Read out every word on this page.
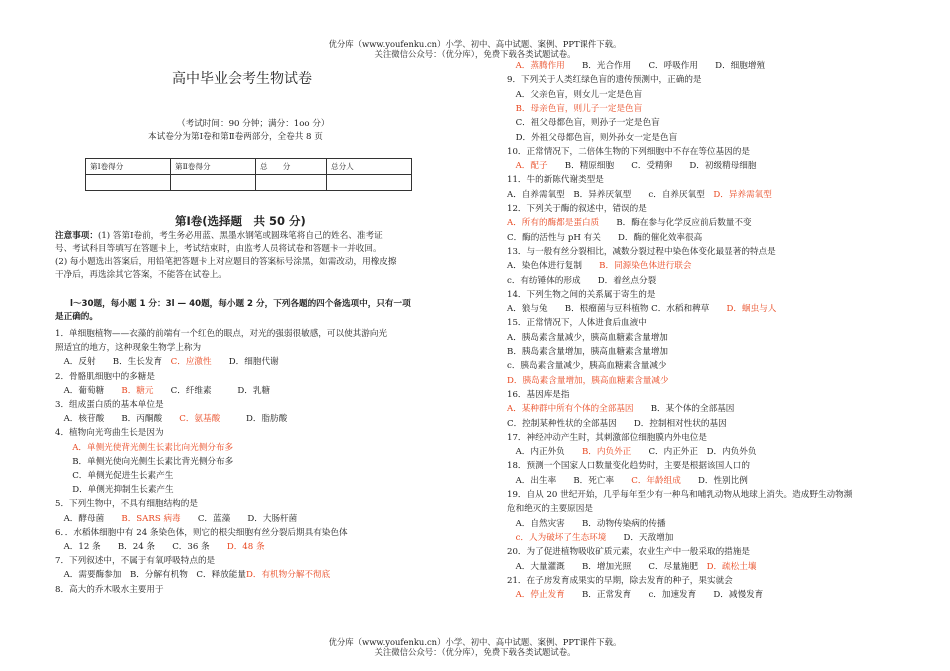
优分库（www.youfenku.cn）小学、初中、高中试题、案例、PPT课件下载。
关注微信公众号：（优分库），免费下载各类试题试卷。
高中毕业会考生物试卷
（考试时间：90 分钟；满分：1oo 分）
本试卷分为第Ⅰ卷和第Ⅱ卷两部分，全卷共 8 页
第Ⅰ卷得分	第Ⅱ卷得分	总　　分	总分人

第Ⅰ卷(选择题　共 50 分)
注意事项：(1) 答第Ⅰ卷前，考生务必用蓝、黑墨水钢笔或圆珠笔将自己的姓名、准考证
号、考试科目等填写在答题卡上，考试结束时，由监考人员将试卷和答题卡一并收回。
(2) 每小题选出答案后，用铅笔把答题卡上对应题目的答案标号涂黑，如需改动，用橡皮擦
干净后，再选涂其它答案，不能答在试卷上。
l～30题，每小题 1 分：3l — 40题，每小题 2 分，下列各题的四个备选项中，只有一项
是正确的。
1．单细胞植物——衣藻的前端有一个红色的眼点，对光的强弱很敏感，可以使其游向光
照适宜的地方，这种现象生物学上称为
　A．反射　　B．生长发育　C．应激性　　D．细胞代谢
2．骨骼肌细胞中的多糖是
　A．葡萄糖　　B．糖元　　C．纤维素　　　D．乳糖
3．组成蛋白质的基本单位是
　A．核苷酸　　B．丙酮酸　　C．氨基酸　　　D．脂肪酸
4．植物向光弯曲生长是因为
　　A．单侧光使背光侧生长素比向光侧分布多
　　B．单侧光使向光侧生长素比背光侧分布多
　　C．单侧光促进生长素产生
　　D．单侧光抑制生长素产生
5．下列生物中，不具有细胞结构的是
　A．酵母菌　　B．SARS 病毒　　C．蓝藻　　D．大肠杆菌
6．．水稻体细胞中有 24 条染色体，则它的根尖细胞有丝分裂后期具有染色体
　A．12 条　　B．24 条　　C．36 条　　D．48 条
7．下列叙述中，不属于有氧呼吸特点的是
　A．需要酶参加　B．分解有机物　C．释放能量D．有机物分解不彻底
8．高大的乔木吸水主要用于
　A．蒸腾作用　　B．光合作用　　C．呼吸作用　　D．细胞增殖
9．下列关于人类红绿色盲的遗传预测中，正确的是
　A．父亲色盲，则女儿一定是色盲
　B．母亲色盲，则儿子一定是色盲
　C．祖父母都色盲，则孙子一定是色盲
　D．外祖父母都色盲，则外孙女一定是色盲
10．正常情况下，二倍体生物的下列细胞中不存在等位基因的是
　A．配子　　B．精原细胞　　C．受精卵　　D．初级精母细胞
11．牛的新陈代谢类型是
A．自养需氧型　B．异养厌氧型　　c．自养厌氧型　D．异养需氧型
12．下列关于酶的叙述中，错误的是
A．所有的酶都是蛋白质　　B．酶在参与化学反应前后数量不变
C．酶的活性与 pH 有关　　D．酶的催化效率很高
13．与一般有丝分裂相比，减数分裂过程中染色体变化最显著的特点是
A．染色体进行复制　　B．同源染色体进行联会
c．有纺锤体的形成　　D．着丝点分裂
14．下列生物之间的关系属于寄生的是
A．狼与兔　　B．根瘤菌与豆科植物 C．水稻和稗草　　D．蛔虫与人
15．正常情况下，人体进食后血液中
A．胰岛素含量减少，胰高血糖素含量增加
B．胰岛素含量增加，胰高血糖素含量增加
c．胰岛素含量减少，胰高血糖素含量减少
D．胰岛素含量增加，胰高血糖素含量减少
16．基因库是指
A．某种群中所有个体的全部基因　　B．某个体的全部基因
C．控制某种性状的全部基因　　D．控制相对性状的基因
17．神经冲动产生时，其刺激部位细胞膜内外电位是
　A．内正外负　　B．内负外正　　C．内正外正　D．内负外负
18．预测一个国家人口数量变化趋势时，主要是根据该国人口的
　A．出生率　　B．死亡率　　C．年龄组成　　D．性别比例
19．自从 20 世纪开始，几乎每年至少有一种鸟和哺乳动物从地球上消失。造成野生动物濒
危和绝灭的主要原因是
　A．自然灾害　　B．动物传染病的传播
　c．人为破坏了生态环境　　D．天敌增加
20．为了促进植物吸收矿质元素，农业生产中一般采取的措施是
　A．大量灌溉　　B．增加光照　　C．尽量施肥　D．疏松土壤
21．在子房发育成果实的早期，除去发育的种子，果实就会
　A．停止发育　　B．正常发育　　c．加速发育　　D．减慢发育
优分库（www.youfenku.cn）小学、初中、高中试题、案例、PPT课件下载。
关注微信公众号：（优分库），免费下载各类试题试卷。
